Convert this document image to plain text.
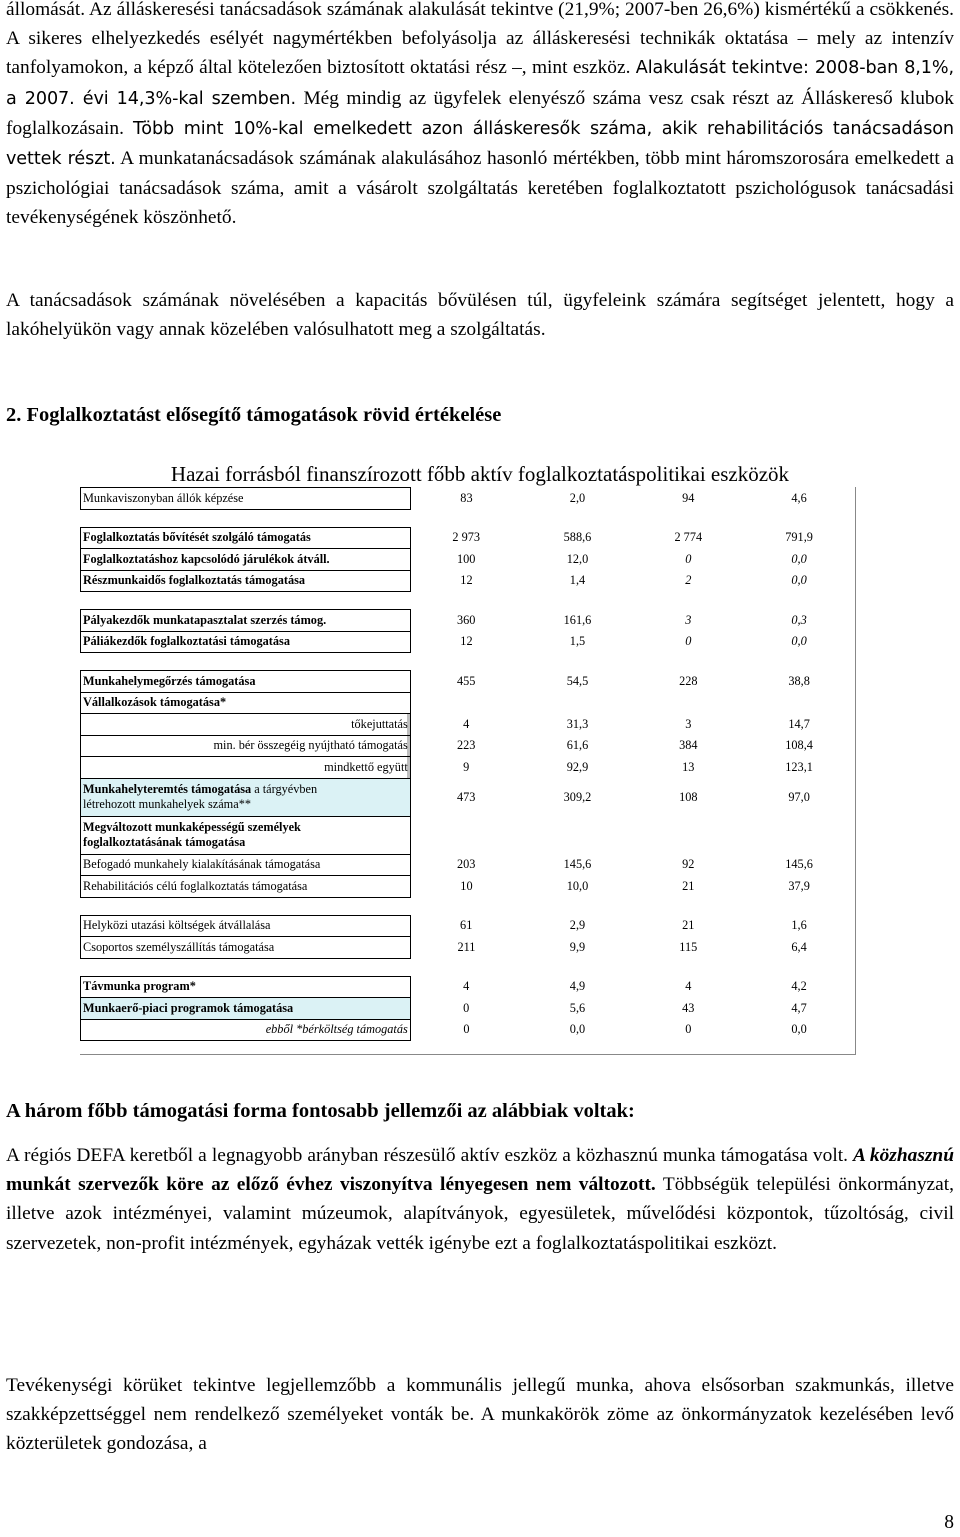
állomását. Az álláskeresési tanácsadások számának alakulását tekintve (21,9%; 2007-ben 26,6%) kismértékű a csökkenés. A sikeres elhelyezkedés esélyét nagymértékben befolyásolja az álláskeresési technikák oktatása – mely az intenzív tanfolyamokon, a képző által kötelezően biztosított oktatási rész –, mint eszköz. Alakulását tekintve: 2008-ban 8,1%, a 2007. évi 14,3%-kal szemben. Még mindig az ügyfelek elenyésző száma vesz csak részt az Álláskereső klubok foglalkozásain. Több mint 10%-kal emelkedett azon álláskeresők száma, akik rehabilitációs tanácsadáson vettek részt. A munkatanácsadások számának alakulásához hasonló mértékben, több mint háromszorosára emelkedett a pszichológiai tanácsadások száma, amit a vásárolt szolgáltatás keretében foglalkoztatott pszichológusok tanácsadási tevékenységének köszönhető.

A tanácsadások számának növelésében a kapacitás bővülésen túl, ügyfeleink számára segítséget jelentett, hogy a lakóhelyükön vagy annak közelében valósulhatott meg a szolgáltatás.

2. Foglalkoztatást elősegítő támogatások rövid értékelése
Hazai forrásból finanszírozott főbb aktív foglalkoztatáspolitikai eszközök
Munkaviszonyban állók képzése	83	2,0	94	4,6

Foglalkoztatás bővítését szolgáló támogatás	2 973	588,6	2 774	791,9
Foglalkoztatáshoz kapcsolódó járulékok átváll.	100	12,0	0	0,0
Részmunkaidős foglalkoztatás támogatása	12	1,4	2	0,0

Pályakezdők munkatapasztalat szerzés támog.	360	161,6	3	0,3
Páliákezdők foglalkoztatási támogatása	12	1,5	0	0,0

Munkahelymegőrzés támogatása	455	54,5	228	38,8
Vállalkozások támogatása*				
tőkejuttatás	4	31,3	3	14,7
min. bér összegéig nyújtható támogatás	223	61,6	384	108,4
mindkettő együtt	9	92,9	13	123,1
Munkahelyteremtés támogatása a tárgyévben
létrehozott munkahelyek száma**	473	309,2	108	97,0
Megváltozott munkaképességű személyek
foglalkoztatásának támogatása				
Befogadó munkahely kialakításának támogatása	203	145,6	92	145,6
Rehabilitációs célú foglalkoztatás támogatása	10	10,0	21	37,9

Helyközi utazási költségek átvállalása	61	2,9	21	1,6
Csoportos személyszállítás támogatása	211	9,9	115	6,4

Távmunka program*	4	4,9	4	4,2
Munkaerő-piaci programok támogatása	0	5,6	43	4,7
ebből *bérköltség támogatás	0	0,0	0	0,0
A három főbb támogatási forma fontosabb jellemzői az alábbiak voltak:

A régiós DEFA keretből a legnagyobb arányban részesülő aktív eszköz a közhasznú munka támogatása volt. A közhasznú munkát szervezők köre az előző évhez viszonyítva lényegesen nem változott. Többségük települési önkormányzat, illetve azok intézményei, valamint múzeumok, alapítványok, egyesületek, művelődési központok, tűzoltóság, civil szervezetek, non-profit intézmények, egyházak vették igénybe ezt a foglalkoztatáspolitikai eszközt.

Tevékenységi körüket tekintve legjellemzőbb a kommunális jellegű munka, ahova elsősorban szakmunkás, illetve szakképzettséggel nem rendelkező személyeket vonták be. A munkakörök zöme az önkormányzatok kezelésében levő közterületek gondozása, a

8
